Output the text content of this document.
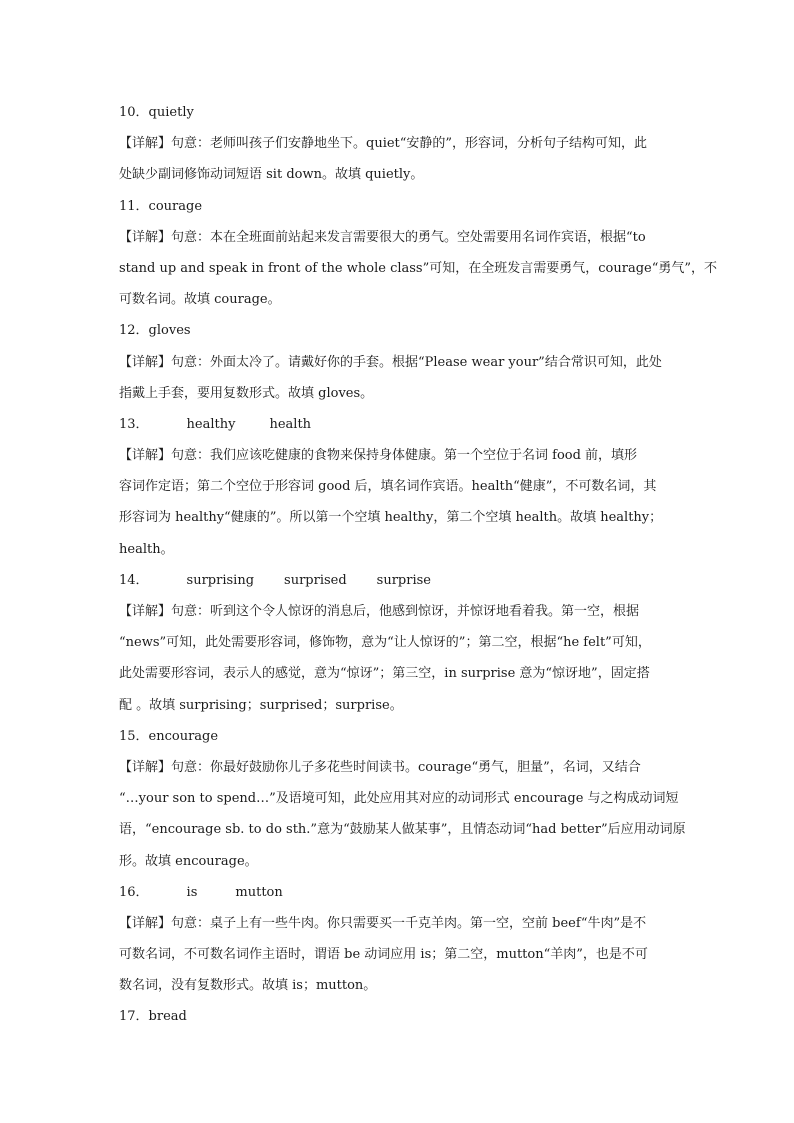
10．quietly
【详解】句意：老师叫孩子们安静地坐下。quiet“安静的”，形容词，分析句子结构可知，此
处缺少副词修饰动词短语 sit down。故填 quietly。
11．courage
【详解】句意：本在全班面前站起来发言需要很大的勇气。空处需要用名词作宾语，根据“to
stand up and speak in front of the whole class”可知，在全班发言需要勇气，courage“勇气”，不
可数名词。故填 courage。
12．gloves
【详解】句意：外面太冷了。请戴好你的手套。根据“Please wear your”结合常识可知，此处
指戴上手套，要用复数形式。故填 gloves。
13．	healthy	health
【详解】句意：我们应该吃健康的食物来保持身体健康。第一个空位于名词 food 前，填形
容词作定语；第二个空位于形容词 good 后，填名词作宾语。health“健康”，不可数名词，其
形容词为 healthy“健康的”。所以第一个空填 healthy，第二个空填 health。故填 healthy；
health。
14．	surprising surprised surprise
【详解】句意：听到这个令人惊讶的消息后，他感到惊讶，并惊讶地看着我。第一空，根据
“news”可知，此处需要形容词，修饰物，意为“让人惊讶的”；第二空，根据“he felt”可知，
此处需要形容词，表示人的感觉，意为“惊讶”；第三空，in surprise 意为“惊讶地”，固定搭
配 。故填 surprising；surprised；surprise。
15．encourage
【详解】句意：你最好鼓励你儿子多花些时间读书。courage“勇气，胆量”，名词，又结合
“…your son to spend…”及语境可知，此处应用其对应的动词形式 encourage 与之构成动词短
语，“encourage sb. to do sth.”意为“鼓励某人做某事”，且情态动词“had better”后应用动词原
形。故填 encourage。
16．	is	mutton
【详解】句意：桌子上有一些牛肉。你只需要买一千克羊肉。第一空，空前 beef“牛肉”是不
可数名词，不可数名词作主语时，谓语 be 动词应用 is；第二空，mutton“羊肉”，也是不可
数名词，没有复数形式。故填 is；mutton。
17．bread
